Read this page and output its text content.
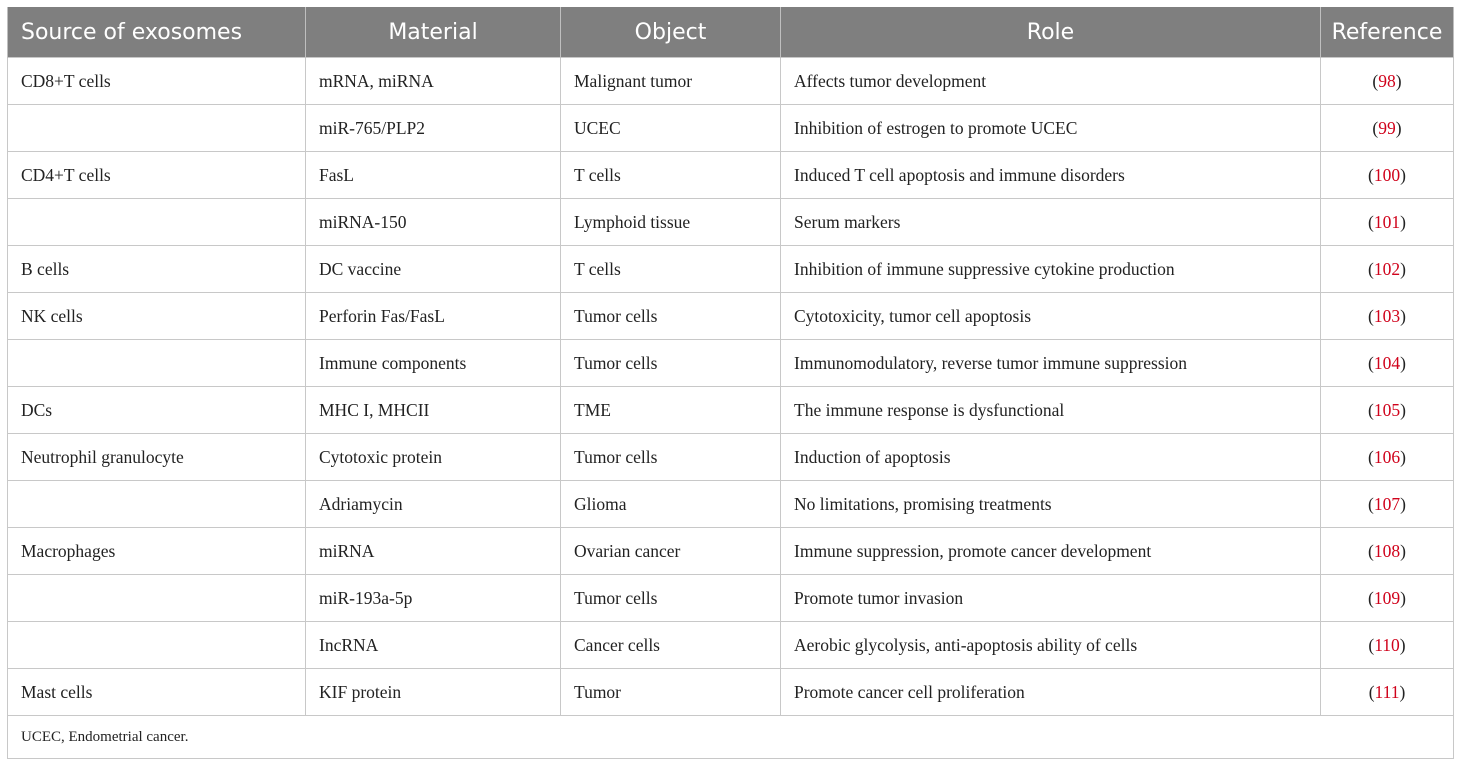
Source of exosomes	Material	Object	Role	Reference
CD8+T cells	mRNA, miRNA	Malignant tumor	Affects tumor development	(98)
	miR-765/PLP2	UCEC	Inhibition of estrogen to promote UCEC	(99)
CD4+T cells	FasL	T cells	Induced T cell apoptosis and immune disorders	(100)
	miRNA-150	Lymphoid tissue	Serum markers	(101)
B cells	DC vaccine	T cells	Inhibition of immune suppressive cytokine production	(102)
NK cells	Perforin Fas/FasL	Tumor cells	Cytotoxicity, tumor cell apoptosis	(103)
	Immune components	Tumor cells	Immunomodulatory, reverse tumor immune suppression	(104)
DCs	MHC I, MHCII	TME	The immune response is dysfunctional	(105)
Neutrophil granulocyte	Cytotoxic protein	Tumor cells	Induction of apoptosis	(106)
	Adriamycin	Glioma	No limitations, promising treatments	(107)
Macrophages	miRNA	Ovarian cancer	Immune suppression, promote cancer development	(108)
	miR-193a-5p	Tumor cells	Promote tumor invasion	(109)
	IncRNA	Cancer cells	Aerobic glycolysis, anti-apoptosis ability of cells	(110)
Mast cells	KIF protein	Tumor	Promote cancer cell proliferation	(111)
UCEC, Endometrial cancer.				
